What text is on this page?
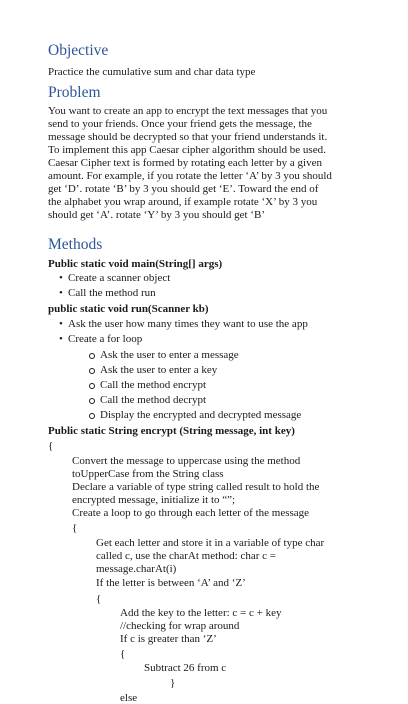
Objective
Practice the cumulative sum and char data type
Problem
You want to create an app to encrypt the text messages that you
send to your friends. Once your friend gets the message, the
message should be decrypted so that your friend understands it.
To implement this app Caesar cipher algorithm should be used.
Caesar Cipher text is formed by rotating each letter by a given
amount. For example, if you rotate the letter ‘A’ by 3 you should
get ‘D’. rotate ‘B’ by 3 you should get ‘E’. Toward the end of
the alphabet you wrap around, if example rotate ‘X’ by 3 you
should get ‘A’. rotate ‘Y’ by 3 you should get ‘B’
Methods
Public static void main(String[] args)
• Create a scanner object
• Call the method run
public static void run(Scanner kb)
• Ask the user how many times they want to use the app
• Create a for loop
Ask the user to enter a message
Ask the user to enter a key
Call the method encrypt
Call the method decrypt
Display the encrypted and decrypted message
Public static String encrypt (String message, int key)
{
Convert the message to uppercase using the method
toUpperCase from the String class
Declare a variable of type string called result to hold the
encrypted message, initialize it to “”;
Create a loop to go through each letter of the message
{
Get each letter and store it in a variable of type char
called c, use the charAt method: char c =
message.charAt(i)
If the letter is between ‘A’ and ‘Z’
{
Add the key to the letter: c = c + key
//checking for wrap around
If c is greater than ‘Z’
{
Subtract 26 from c
}
else
